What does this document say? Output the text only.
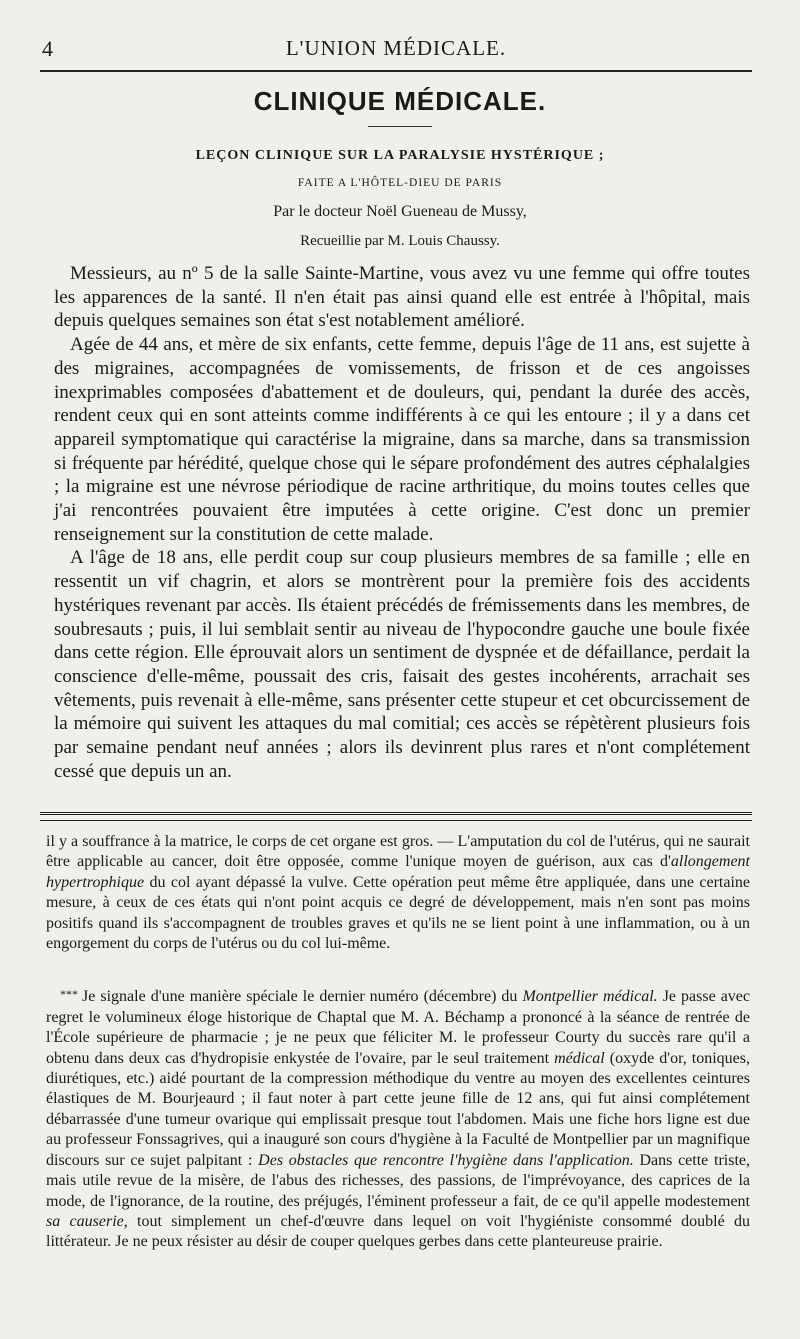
4	L'UNION MÉDICALE.
CLINIQUE MÉDICALE.
LEÇON CLINIQUE SUR LA PARALYSIE HYSTÉRIQUE ;
FAITE A L'HÔTEL-DIEU DE PARIS
Par le docteur Noël Gueneau de Mussy,
Recueillie par M. Louis Chaussy.

Messieurs, au nº 5 de la salle Sainte-Martine, vous avez vu une femme qui offre toutes les apparences de la santé. Il n'en était pas ainsi quand elle est entrée à l'hôpital, mais depuis quelques semaines son état s'est notablement amélioré.

Agée de 44 ans, et mère de six enfants, cette femme, depuis l'âge de 11 ans, est sujette à des migraines, accompagnées de vomissements, de frisson et de ces angoisses inexprimables composées d'abattement et de douleurs, qui, pendant la durée des accès, rendent ceux qui en sont atteints comme indifférents à ce qui les entoure ; il y a dans cet appareil symptomatique qui caractérise la migraine, dans sa marche, dans sa transmission si fréquente par hérédité, quelque chose qui le sépare profondément des autres céphalalgies ; la migraine est une névrose périodique de racine arthritique, du moins toutes celles que j'ai rencontrées pouvaient être imputées à cette origine. C'est donc un premier renseignement sur la constitution de cette malade.

A l'âge de 18 ans, elle perdit coup sur coup plusieurs membres de sa famille ; elle en ressentit un vif chagrin, et alors se montrèrent pour la première fois des accidents hystériques revenant par accès. Ils étaient précédés de frémissements dans les membres, de soubresauts ; puis, il lui semblait sentir au niveau de l'hypocondre gauche une boule fixée dans cette région. Elle éprouvait alors un sentiment de dyspnée et de défaillance, perdait la conscience d'elle-même, poussait des cris, faisait des gestes incohérents, arrachait ses vêtements, puis revenait à elle-même, sans présenter cette stupeur et cet obcurcissement de la mémoire qui suivent les attaques du mal comitial; ces accès se répètèrent plusieurs fois par semaine pendant neuf années ; alors ils devinrent plus rares et n'ont complétement cessé que depuis un an.

il y a souffrance à la matrice, le corps de cet organe est gros. — L'amputation du col de l'utérus, qui ne saurait être applicable au cancer, doit être opposée, comme l'unique moyen de guérison, aux cas d'allongement hypertrophique du col ayant dépassé la vulve. Cette opération peut même être appliquée, dans une certaine mesure, à ceux de ces états qui n'ont point acquis ce degré de développement, mais n'en sont pas moins positifs quand ils s'accompagnent de troubles graves et qu'ils ne se lient point à une inflammation, ou à un engorgement du corps de l'utérus ou du col lui-même.

*** Je signale d'une manière spéciale le dernier numéro (décembre) du Montpellier médical. Je passe avec regret le volumineux éloge historique de Chaptal que M. A. Béchamp a prononcé à la séance de rentrée de l'École supérieure de pharmacie ; je ne peux que féliciter M. le professeur Courty du succès rare qu'il a obtenu dans deux cas d'hydropisie enkystée de l'ovaire, par le seul traitement médical (oxyde d'or, toniques, diurétiques, etc.) aidé pourtant de la compression méthodique du ventre au moyen des excellentes ceintures élastiques de M. Bourjeaurd ; il faut noter à part cette jeune fille de 12 ans, qui fut ainsi complétement débarrassée d'une tumeur ovarique qui emplissait presque tout l'abdomen. Mais une fiche hors ligne est due au professeur Fonssagrives, qui a inauguré son cours d'hygiène à la Faculté de Montpellier par un magnifique discours sur ce sujet palpitant : Des obstacles que rencontre l'hygiène dans l'application. Dans cette triste, mais utile revue de la misère, de l'abus des richesses, des passions, de l'imprévoyance, des caprices de la mode, de l'ignorance, de la routine, des préjugés, l'éminent professeur a fait, de ce qu'il appelle modestement sa causerie, tout simplement un chef-d'œuvre dans lequel on voit l'hygiéniste consommé doublé du littérateur. Je ne peux résister au désir de couper quelques gerbes dans cette planteureuse prairie.
